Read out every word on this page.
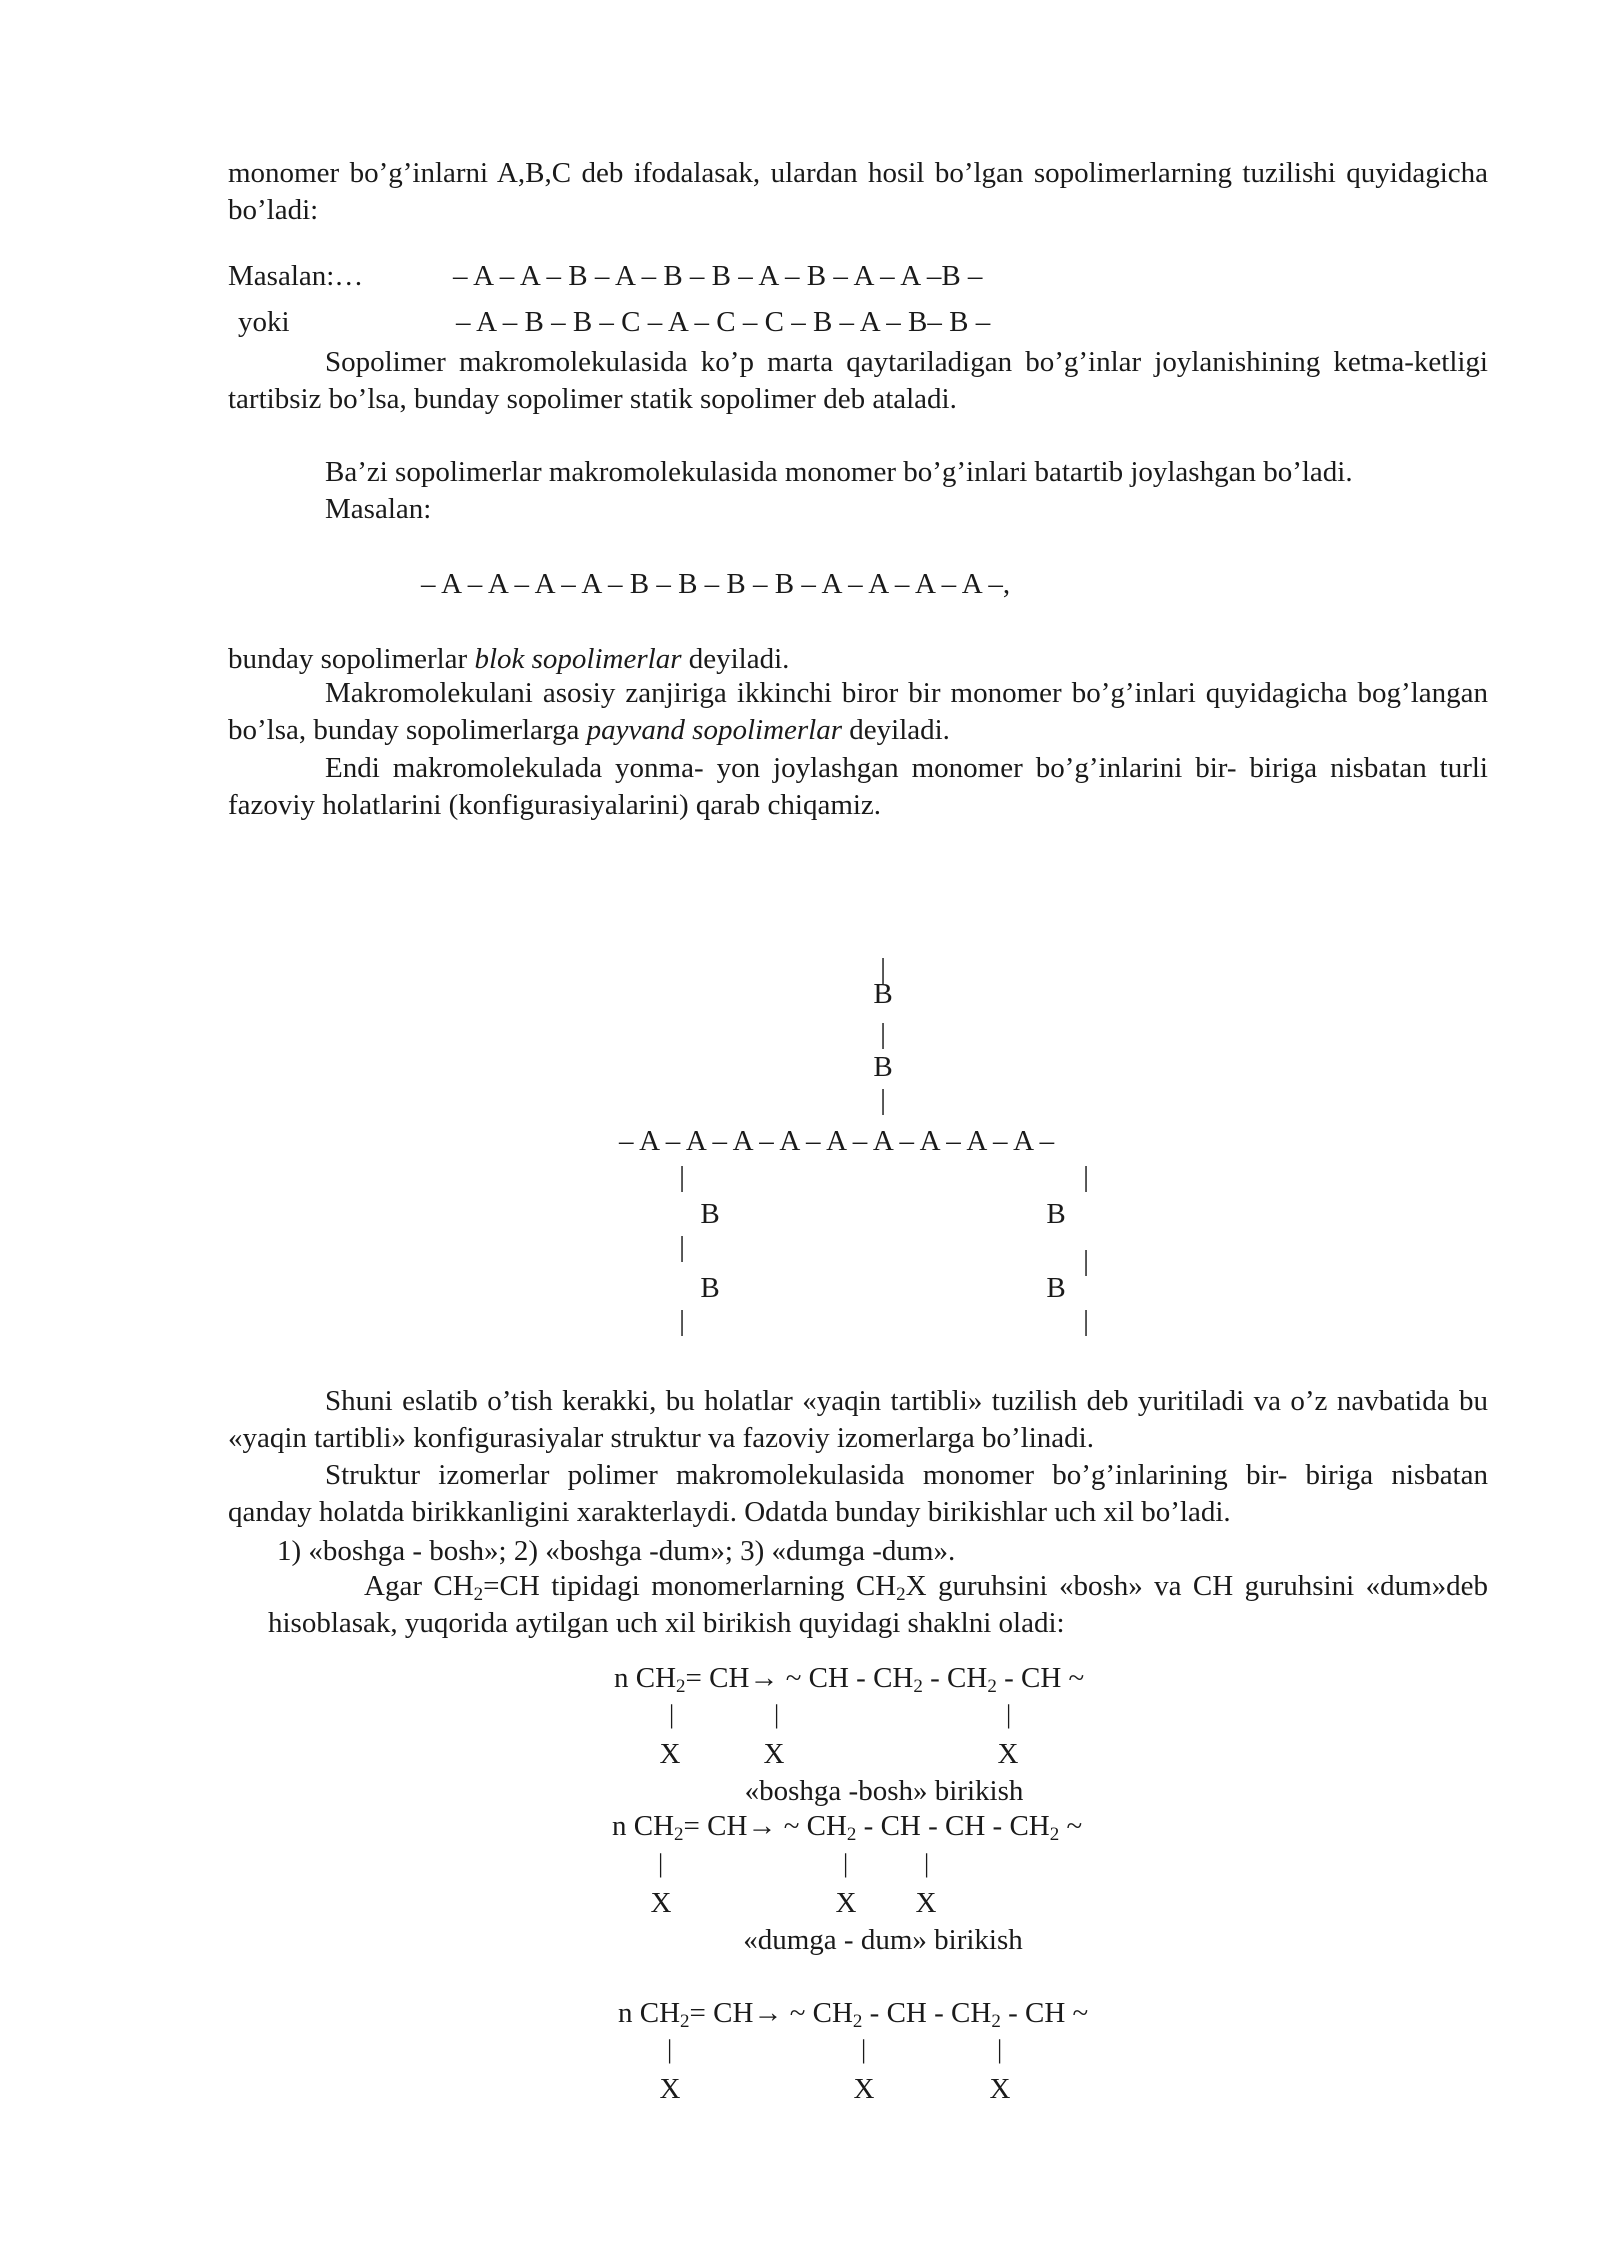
monomer bo’g’inlarni A,B,C deb ifodalasak, ulardan hosil bo’lgan sopolimerlarning tuzilishi quyidagicha bo’ladi:
Masalan:…	– A – A – B – A – B – B – A – B – A – A –B –
yoki	– A – B – B – C – A – C – C – B – A – B– B –
Sopolimer makromolekulasida ko’p marta qaytariladigan bo’g’inlar joylanishining ketma-ketligi tartibsiz bo’lsa, bunday sopolimer statik sopolimer deb ataladi.
Ba’zi sopolimerlar makromolekulasida monomer bo’g’inlari batartib joylashgan bo’ladi.
Masalan:
– A – A – A – A – B – B – B – B – A – A – A – A –,
bunday sopolimerlar blok sopolimerlar deyiladi.
Makromolekulani asosiy zanjiriga ikkinchi biror bir monomer bo’g’inlari quyidagicha bog’langan bo’lsa, bunday sopolimerlarga payvand sopolimerlar deyiladi.
Endi makromolekulada yonma- yon joylashgan monomer bo’g’inlarini bir- biriga nisbatan turli fazoviy holatlarini (konfigurasiyalarini) qarab chiqamiz.
|
B
|
B
|
– A – A – A – A – A – A – A – A – A –
|
B
|
B
|
|
B
|
B
|
Shuni eslatib o’tish kerakki, bu holatlar «yaqin tartibli» tuzilish deb yuritiladi va o’z navbatida bu «yaqin tartibli» konfigurasiyalar struktur va fazoviy izomerlarga bo’linadi.
Struktur izomerlar polimer makromolekulasida monomer bo’g’inlarining bir- biriga nisbatan qanday holatda birikkanligini xarakterlaydi. Odatda bunday birikishlar uch xil bo’ladi.
1) «boshga - bosh»; 2) «boshga -dum»; 3) «dumga -dum».
Agar $CH_2=CH$ tipidagi monomerlarning $CH_2X$ guruhsini «bosh» va CH guruhsini «dum»deb hisoblasak, yuqorida aytilgan uch xil birikish quyidagi shaklni oladi:
n $CH_2= CH\to$ ~ CH - $CH_2 - CH_2$ - CH ~
|	|	|
X	X	X
«boshga -bosh» birikish
n $CH_2= CH\to$ ~ $CH_2$ - CH - CH - $CH_2$ ~
|	|	|
X	X X
«dumga - dum» birikish
n $CH_2= CH\to$ ~ $CH_2$ - CH - $CH_2$ - CH ~
|	|	|
X	X	X
